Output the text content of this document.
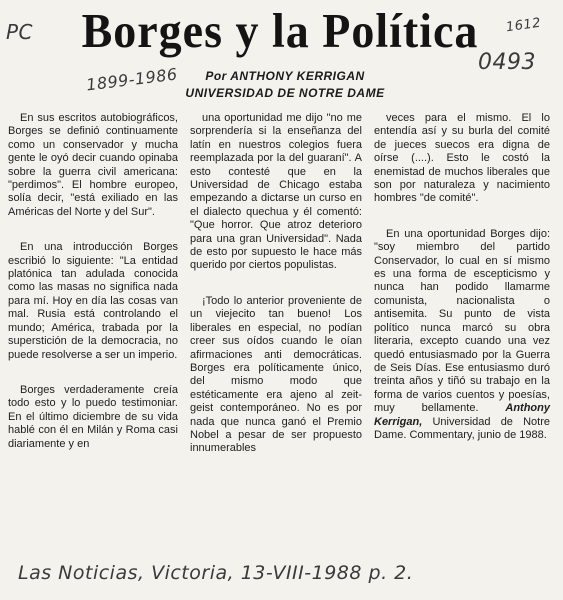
PC	1612
1899-1986
0493
Borges y la Política
Por ANTHONY KERRIGAN
UNIVERSIDAD DE NOTRE DAME

En sus escritos autobiográficos, Borges se definió continuamente como un conservador y mucha gente le oyó decir cuando opinaba sobre la guerra civil americana: "perdimos". El hombre europeo, solía decir, "está exiliado en las Américas del Norte y del Sur".

En una introducción Borges escribió lo siguiente: "La entidad platónica tan adulada conocida como las masas no significa nada para mí. Hoy en día las cosas van mal. Rusia está controlando el mundo; América, trabada por la superstición de la democracia, no puede resolverse a ser un imperio.

Borges verdaderamente creía todo esto y lo puedo testimoniar. En el último diciembre de su vida hablé con él en Milán y Roma casi diariamente y en

una oportunidad me dijo "no me sorprendería si la enseñanza del latín en nuestros colegios fuera reemplazada por la del guaraní". A esto contesté que en la Universidad de Chicago estaba empezando a dictarse un curso en el dialecto quechua y él comentó: "Que horror. Que atroz deterioro para una gran Universidad". Nada de esto por supuesto le hace más querido por ciertos populistas.

¡Todo lo anterior proveniente de un viejecito tan bueno! Los liberales en especial, no podían creer sus oídos cuando le oían afirmaciones anti democráticas. Borges era políticamente único, del mismo modo que estéticamente era ajeno al zeit-geist contemporáneo. No es por nada que nunca ganó el Premio Nobel a pesar de ser propuesto innumerables

veces para el mismo. El lo entendía así y su burla del comité de jueces suecos era digna de oírse (....). Esto le costó la enemistad de muchos liberales que son por naturaleza y nacimiento hombres "de comité".

En una oportunidad Borges dijo: "soy miembro del partido Conservador, lo cual en sí mismo es una forma de escepticismo y nunca han podido llamarme comunista, nacionalista o antisemita. Su punto de vista político nunca marcó su obra literaria, excepto cuando una vez quedó entusiasmado por la Guerra de Seis Días. Ese entusiasmo duró treinta años y tiñó su trabajo en la forma de varios cuentos y poesías, muy bellamente. Anthony Kerrigan, Universidad de Notre Dame. Commentary, junio de 1988.

Las Noticias, Victoria, 13-VIII-1988 p. 2.
